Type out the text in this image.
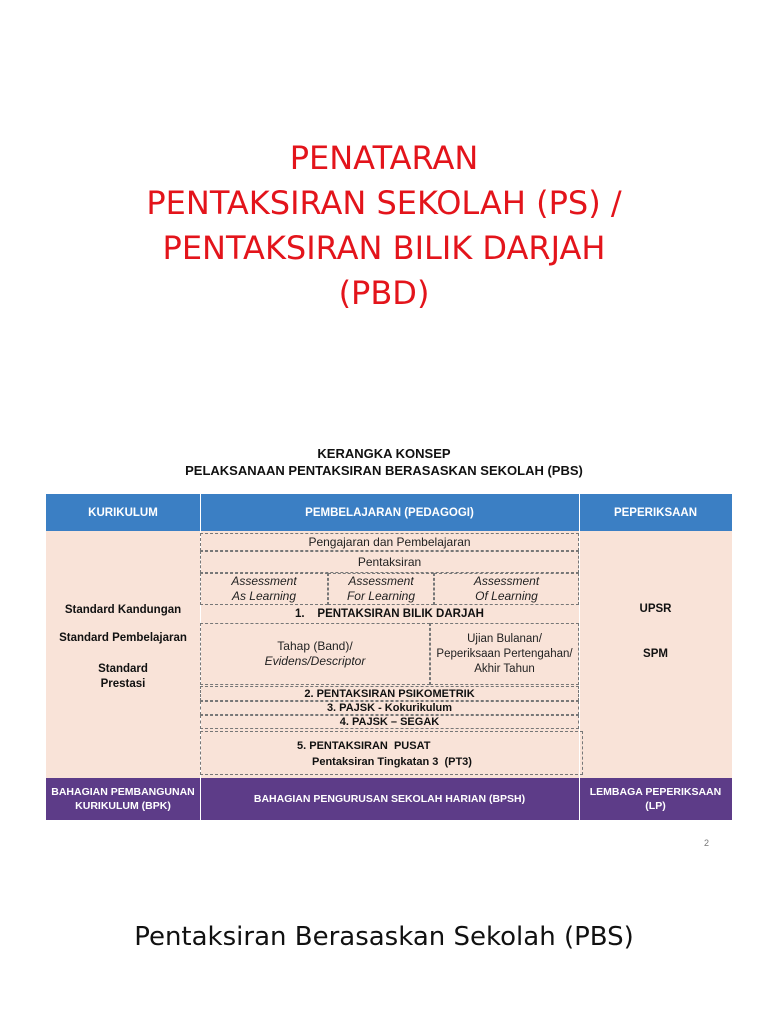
PENATARAN
PENTAKSIRAN SEKOLAH (PS) /
PENTAKSIRAN BILIK DARJAH
(PBD)
KERANGKA KONSEP
PELAKSANAAN PENTAKSIRAN BERASASKAN SEKOLAH (PBS)
KURIKULUM	PEMBELAJARAN (PEDAGOGI)	PEPERIKSAAN
Standard Kandungan
Standard Pembelajaran
Standard
Prestasi
Pengajaran dan Pembelajaran
Pentaksiran
Assessment
As Learning
Assessment
For Learning
Assessment
Of Learning
1.    PENTAKSIRAN BILIK DARJAH
Tahap (Band)/
Evidens/Descriptor
Ujian Bulanan/
Peperiksaan Pertengahan/
Akhir Tahun
2. PENTAKSIRAN PSIKOMETRIK
3. PAJSK - Kokurikulum
4. PAJSK – SEGAK
5. PENTAKSIRAN  PUSAT
Pentaksiran Tingkatan 3  (PT3)
UPSR
SPM
BAHAGIAN PEMBANGUNAN
KURIKULUM (BPK)
BAHAGIAN PENGURUSAN SEKOLAH HARIAN (BPSH)
LEMBAGA PEPERIKSAAN
(LP)
2
Pentaksiran Berasaskan Sekolah (PBS)
